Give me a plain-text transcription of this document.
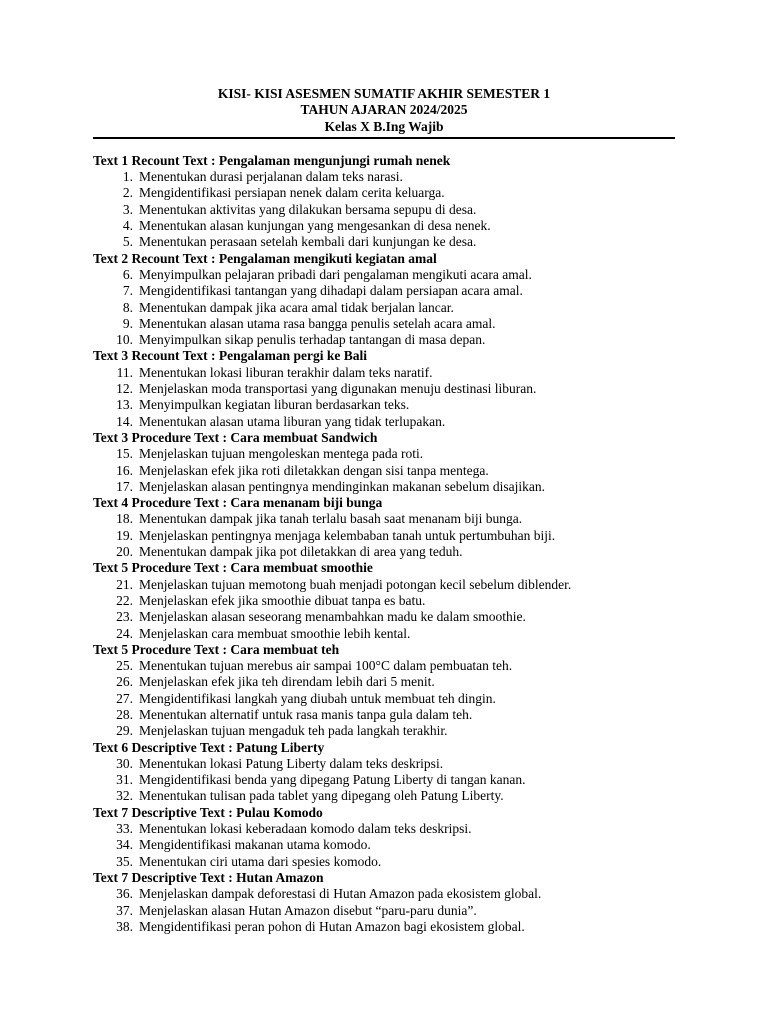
KISI- KISI ASESMEN SUMATIF AKHIR SEMESTER 1
TAHUN AJARAN 2024/2025
Kelas X B.Ing Wajib
Text 1 Recount Text : Pengalaman mengunjungi rumah nenek
1. Menentukan durasi perjalanan dalam teks narasi.
2. Mengidentifikasi persiapan nenek dalam cerita keluarga.
3. Menentukan aktivitas yang dilakukan bersama sepupu di desa.
4. Menentukan alasan kunjungan yang mengesankan di desa nenek.
5. Menentukan perasaan setelah kembali dari kunjungan ke desa.
Text 2 Recount Text : Pengalaman mengikuti kegiatan amal
6. Menyimpulkan pelajaran pribadi dari pengalaman mengikuti acara amal.
7. Mengidentifikasi tantangan yang dihadapi dalam persiapan acara amal.
8. Menentukan dampak jika acara amal tidak berjalan lancar.
9. Menentukan alasan utama rasa bangga penulis setelah acara amal.
10. Menyimpulkan sikap penulis terhadap tantangan di masa depan.
Text 3 Recount Text : Pengalaman pergi ke Bali
11. Menentukan lokasi liburan terakhir dalam teks naratif.
12. Menjelaskan moda transportasi yang digunakan menuju destinasi liburan.
13. Menyimpulkan kegiatan liburan berdasarkan teks.
14. Menentukan alasan utama liburan yang tidak terlupakan.
Text 3 Procedure Text : Cara membuat Sandwich
15. Menjelaskan tujuan mengoleskan mentega pada roti.
16. Menjelaskan efek jika roti diletakkan dengan sisi tanpa mentega.
17. Menjelaskan alasan pentingnya mendinginkan makanan sebelum disajikan.
Text 4 Procedure Text : Cara menanam biji bunga
18. Menentukan dampak jika tanah terlalu basah saat menanam biji bunga.
19. Menjelaskan pentingnya menjaga kelembaban tanah untuk pertumbuhan biji.
20. Menentukan dampak jika pot diletakkan di area yang teduh.
Text 5 Procedure Text : Cara membuat smoothie
21. Menjelaskan tujuan memotong buah menjadi potongan kecil sebelum diblender.
22. Menjelaskan efek jika smoothie dibuat tanpa es batu.
23. Menjelaskan alasan seseorang menambahkan madu ke dalam smoothie.
24. Menjelaskan cara membuat smoothie lebih kental.
Text 5 Procedure Text : Cara membuat teh
25. Menentukan tujuan merebus air sampai 100°C dalam pembuatan teh.
26. Menjelaskan efek jika teh direndam lebih dari 5 menit.
27. Mengidentifikasi langkah yang diubah untuk membuat teh dingin.
28. Menentukan alternatif untuk rasa manis tanpa gula dalam teh.
29. Menjelaskan tujuan mengaduk teh pada langkah terakhir.
Text 6 Descriptive Text : Patung Liberty
30. Menentukan lokasi Patung Liberty dalam teks deskripsi.
31. Mengidentifikasi benda yang dipegang Patung Liberty di tangan kanan.
32. Menentukan tulisan pada tablet yang dipegang oleh Patung Liberty.
Text 7 Descriptive Text : Pulau Komodo
33. Menentukan lokasi keberadaan komodo dalam teks deskripsi.
34. Mengidentifikasi makanan utama komodo.
35. Menentukan ciri utama dari spesies komodo.
Text 7 Descriptive Text : Hutan Amazon
36. Menjelaskan dampak deforestasi di Hutan Amazon pada ekosistem global.
37. Menjelaskan alasan Hutan Amazon disebut “paru-paru dunia”.
38. Mengidentifikasi peran pohon di Hutan Amazon bagi ekosistem global.
